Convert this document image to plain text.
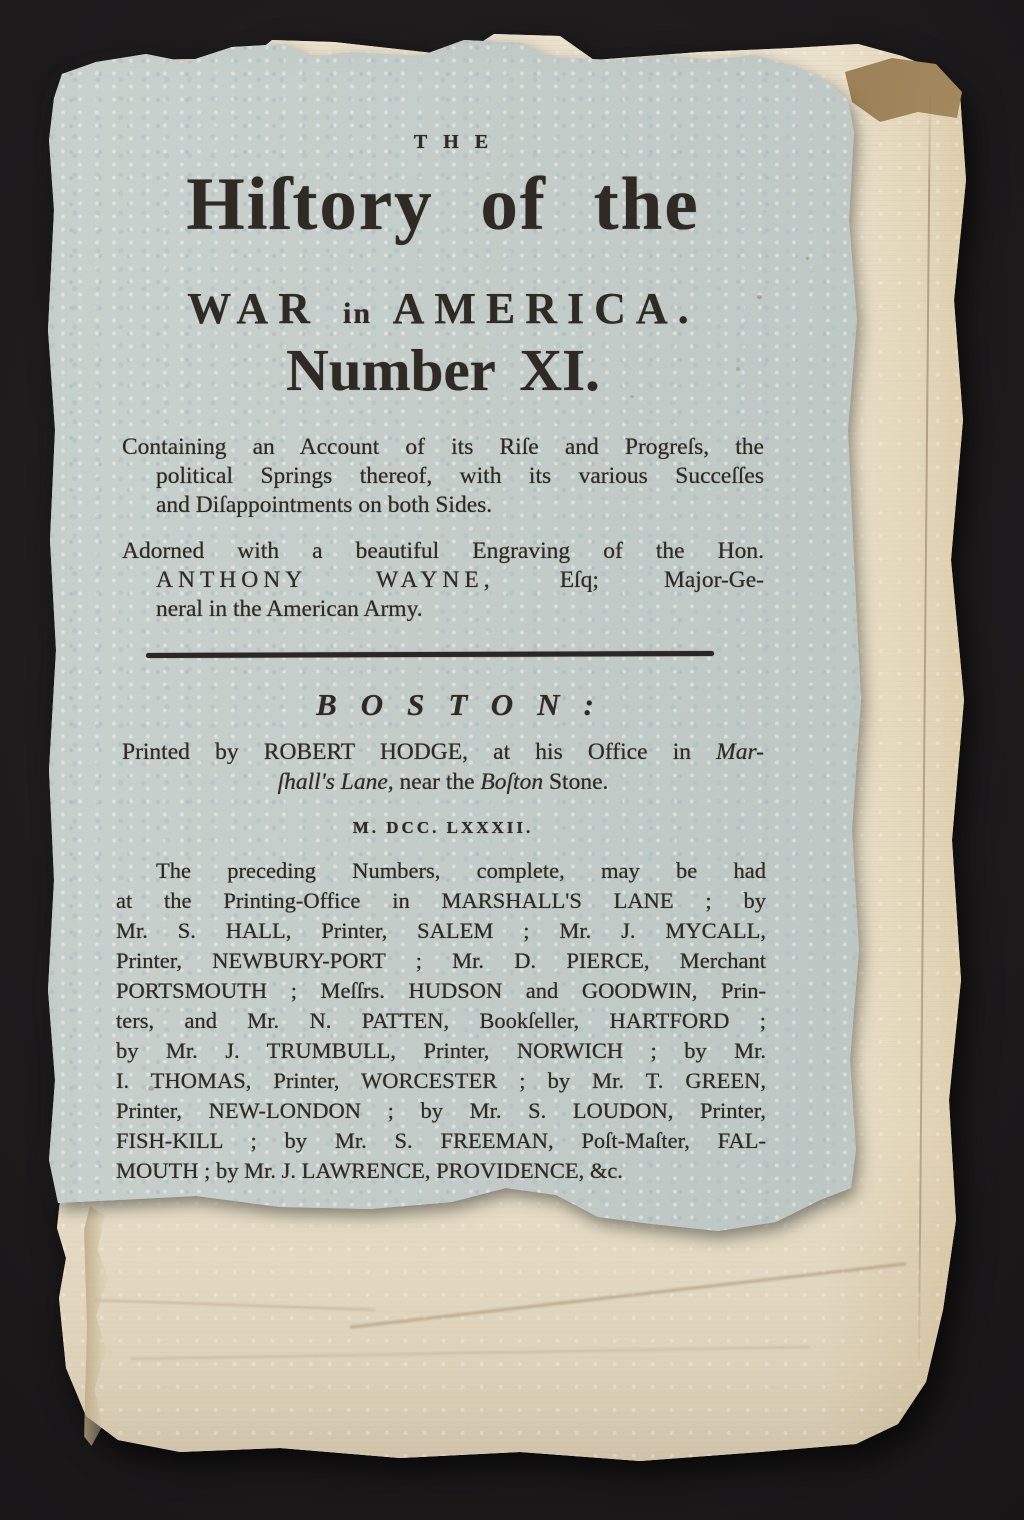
THE
Hiſtory of the
WAR in AMERICA.
Number XI.
Containing an Account of its Riſe and Progreſs, the
political Springs thereof, with its various Succeſſes
and Diſappointments on both Sides.
Adorned with a beautiful Engraving of the Hon.
ANTHONY WAYNE,	Eſq; Major-Ge-
neral in the American Army.
BOSTON:
Printed by ROBERT HODGE, at his Office in Mar-
ſhall's Lane, near the Boſton Stone.
M. DCC. LXXXII.
The preceding Numbers, complete, may be had
at the Printing-Office in MARSHALL'S LANE ; by
Mr. S. HALL, Printer, SALEM ; Mr. J. MYCALL,
Printer, NEWBURY-PORT ; Mr. D. PIERCE, Merchant
PORTSMOUTH ; Meſſrs. HUDSON and GOODWIN, Prin-
ters, and Mr. N. PATTEN, Bookſeller, HARTFORD ;
by Mr. J. TRUMBULL, Printer, NORWICH ; by Mr.
I. THOMAS, Printer, WORCESTER ; by Mr. T. GREEN,
Printer, NEW-LONDON ; by Mr. S. LOUDON, Printer,
FISH-KILL ; by Mr. S. FREEMAN, Poſt-Maſter, FAL-
MOUTH ; by Mr. J. LAWRENCE, PROVIDENCE, &c.
